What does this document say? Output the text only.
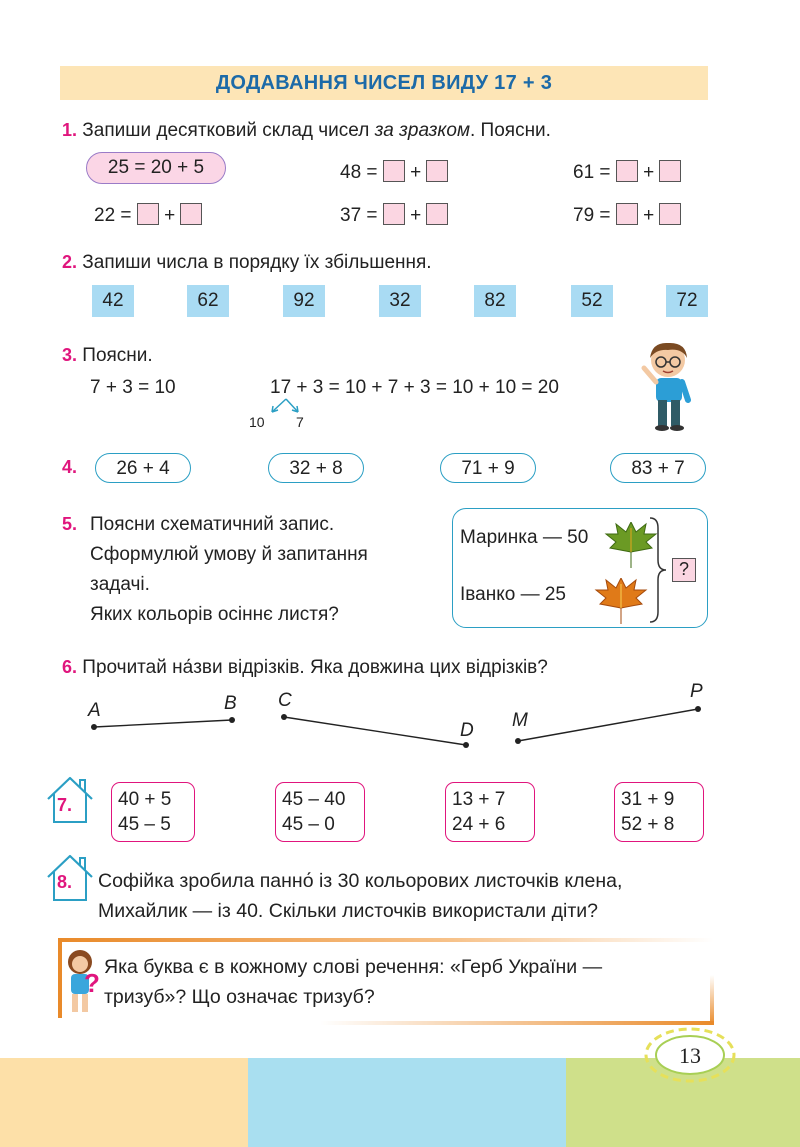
ДОДАВАННЯ ЧИСЕЛ ВИДУ 17 + 3
1. Запиши десятковий склад чисел за зразком. Поясни.
25 = 20 + 5	48 = +	61 = +
22 = +	37 = +	79 = +
2. Запиши числа в порядку їх збільшення.
42	62	92	32	82	52	72
3. Поясни.
7 + 3 = 10	17 + 3 = 10 + 7 + 3 = 10 + 10 = 20
10 7
4.	26 + 4	32 + 8	71 + 9	83 + 7
5. Поясни схематичний запис.
Сформулюй умову й запитання
задачі.
Яких кольорів осіннє листя?
Маринка — 50
Іванко — 25
?
6. Прочитай на́зви відрізків. Яка довжина цих відрізків?
A	B C
D M
P
7. 40 + 5
45 – 5
45 – 40
45 – 0
13 + 7
24 + 6
31 + 9
52 + 8
8. Софійка зробила панно́ із 30 кольорових листочків клена,
Михайлик — із 40. Скільки листочків використали діти?
?
Яка буква є в кожному слові речення: «Герб України —
тризуб»? Що означає тризуб?
13
